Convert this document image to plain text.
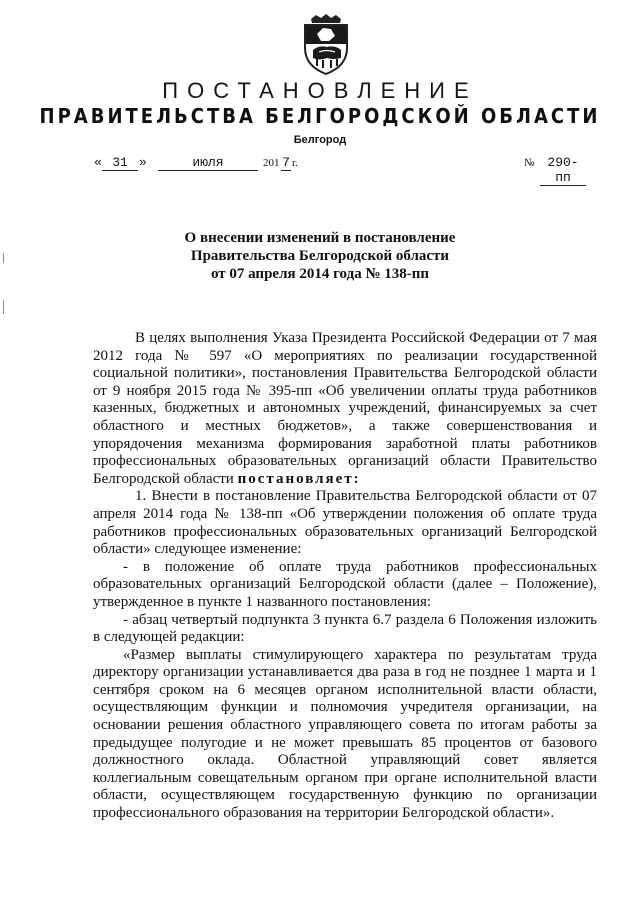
ПОСТАНОВЛЕНИЕ
ПРАВИТЕЛЬСТВА БЕЛГОРОДСКОЙ ОБЛАСТИ
Белгород
« 31 »	июля	201 7 г.	№ 290-пп
О внесении изменений в постановление
Правительства Белгородской области
от 07 апреля 2014 года № 138-пп

В целях выполнения Указа Президента Российской Федерации от 7 мая 2012 года № 597 «О мероприятиях по реализации государственной социальной политики», постановления Правительства Белгородской области от 9 ноября 2015 года № 395-пп «Об увеличении оплаты труда работников казенных, бюджетных и автономных учреждений, финансируемых за счет областного и местных бюджетов», а также совершенствования и упорядочения механизма формирования заработной платы работников профессиональных образовательных организаций области Правительство Белгородской области постановляет:

1. Внести в постановление Правительства Белгородской области от 07 апреля 2014 года № 138-пп «Об утверждении положения об оплате труда работников профессиональных образовательных организаций Белгородской области» следующее изменение:

- в положение об оплате труда работников профессиональных образовательных организаций Белгородской области (далее – Положение), утвержденное в пункте 1 названного постановления:

- абзац четвертый подпункта 3 пункта 6.7 раздела 6 Положения изложить в следующей редакции:

«Размер выплаты стимулирующего характера по результатам труда директору организации устанавливается два раза в год не позднее 1 марта и 1 сентября сроком на 6 месяцев органом исполнительной власти области, осуществляющим функции и полномочия учредителя организации, на основании решения областного управляющего совета по итогам работы за предыдущее полугодие и не может превышать 85 процентов от базового должностного оклада. Областной управляющий совет является коллегиальным совещательным органом при органе исполнительной власти области, осуществляющем государственную функцию по организации профессионального образования на территории Белгородской области».
